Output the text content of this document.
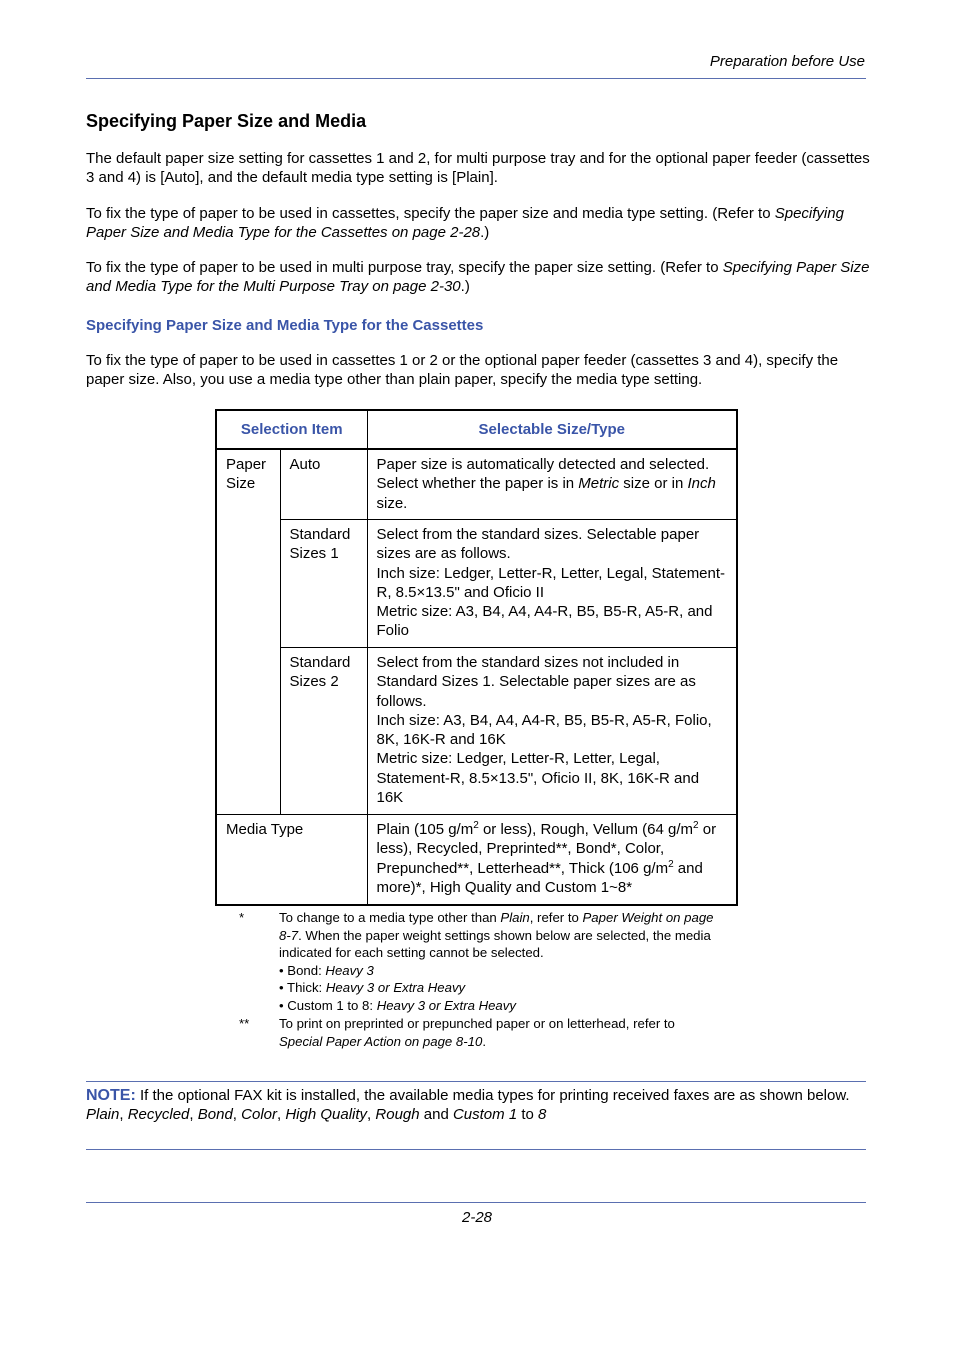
Preparation before Use
Specifying Paper Size and Media
The default paper size setting for cassettes 1 and 2, for multi purpose tray and for the optional paper feeder (cassettes 3 and 4) is [Auto], and the default media type setting is [Plain].
To fix the type of paper to be used in cassettes, specify the paper size and media type setting. (Refer to Specifying Paper Size and Media Type for the Cassettes on page 2-28.)
To fix the type of paper to be used in multi purpose tray, specify the paper size setting. (Refer to Specifying Paper Size and Media Type for the Multi Purpose Tray on page 2-30.)
Specifying Paper Size and Media Type for the Cassettes
To fix the type of paper to be used in cassettes 1 or 2 or the optional paper feeder (cassettes 3 and 4), specify the paper size. Also, you use a media type other than plain paper, specify the media type setting.
Selection Item		Selectable Size/Type
Paper Size	Auto	Paper size is automatically detected and selected. Select whether the paper is in Metric size or in Inch size.
	Standard Sizes 1	Select from the standard sizes. Selectable paper sizes are as follows.
Inch size: Ledger, Letter-R, Letter, Legal, Statement-R, 8.5×13.5" and Oficio II
Metric size: A3, B4, A4, A4-R, B5, B5-R, A5-R, and Folio

	Standard Sizes 2	Select from the standard sizes not included in Standard Sizes 1. Selectable paper sizes are as follows.
Inch size: A3, B4, A4, A4-R, B5, B5-R, A5-R, Folio, 8K, 16K-R and 16K
Metric size: Ledger, Letter-R, Letter, Legal, Statement-R, 8.5×13.5", Oficio II, 8K, 16K-R and 16K

Media Type		Plain (105 $g/m^2$ or less), Rough, Vellum (64 $g/m^2$ or less), Recycled, Preprinted**, Bond*, Color, Prepunched**, Letterhead**, Thick (106 $g/m^2$ and more)*, High Quality and Custom 1~8*
*	To change to a media type other than Plain, refer to Paper Weight on page 8-7. When the paper weight settings shown below are selected, the media indicated for each setting cannot be selected.
• Bond: Heavy 3
• Thick: Heavy 3 or Extra Heavy
• Custom 1 to 8: Heavy 3 or Extra Heavy
** To print on preprinted or prepunched paper or on letterhead, refer to Special Paper Action on page 8-10.
NOTE: If the optional FAX kit is installed, the available media types for printing received faxes are as shown below.
Plain, Recycled, Bond, Color, High Quality, Rough and Custom 1 to 8
2-28
